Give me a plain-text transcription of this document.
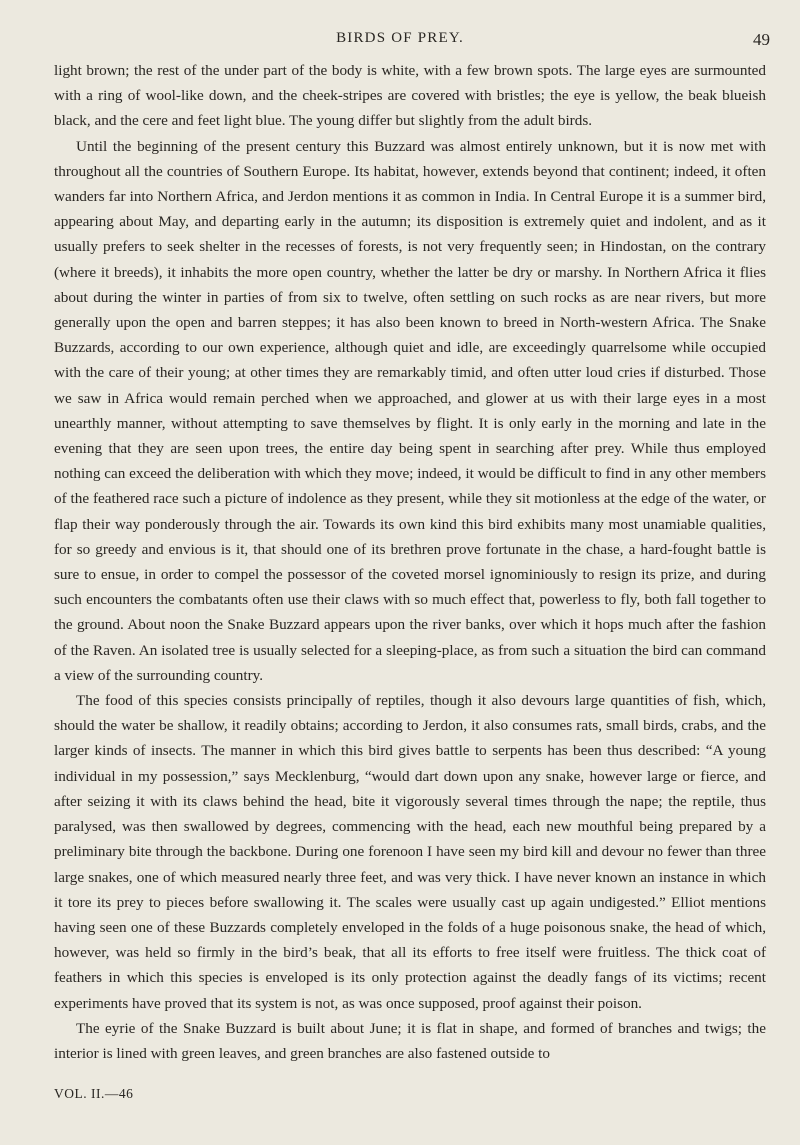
BIRDS OF PREY.	49

light brown; the rest of the under part of the body is white, with a few brown spots. The large eyes are surmounted with a ring of wool-like down, and the cheek-stripes are covered with bristles; the eye is yellow, the beak blueish black, and the cere and feet light blue. The young differ but slightly from the adult birds.

Until the beginning of the present century this Buzzard was almost entirely unknown, but it is now met with throughout all the countries of Southern Europe. Its habitat, however, extends beyond that continent; indeed, it often wanders far into Northern Africa, and Jerdon mentions it as common in India. In Central Europe it is a summer bird, appearing about May, and departing early in the autumn; its disposition is extremely quiet and indolent, and as it usually prefers to seek shelter in the recesses of forests, is not very frequently seen; in Hindostan, on the contrary (where it breeds), it inhabits the more open country, whether the latter be dry or marshy. In Northern Africa it flies about during the winter in parties of from six to twelve, often settling on such rocks as are near rivers, but more generally upon the open and barren steppes; it has also been known to breed in North-western Africa. The Snake Buzzards, according to our own experience, although quiet and idle, are exceedingly quarrelsome while occupied with the care of their young; at other times they are remarkably timid, and often utter loud cries if disturbed. Those we saw in Africa would remain perched when we approached, and glower at us with their large eyes in a most unearthly manner, without attempting to save themselves by flight. It is only early in the morning and late in the evening that they are seen upon trees, the entire day being spent in searching after prey. While thus employed nothing can exceed the deliberation with which they move; indeed, it would be difficult to find in any other members of the feathered race such a picture of indolence as they present, while they sit motionless at the edge of the water, or flap their way ponderously through the air. Towards its own kind this bird exhibits many most unamiable qualities, for so greedy and envious is it, that should one of its brethren prove fortunate in the chase, a hard-fought battle is sure to ensue, in order to compel the possessor of the coveted morsel ignominiously to resign its prize, and during such encounters the combatants often use their claws with so much effect that, powerless to fly, both fall together to the ground. About noon the Snake Buzzard appears upon the river banks, over which it hops much after the fashion of the Raven. An isolated tree is usually selected for a sleeping-place, as from such a situation the bird can command a view of the surrounding country.

The food of this species consists principally of reptiles, though it also devours large quantities of fish, which, should the water be shallow, it readily obtains; according to Jerdon, it also consumes rats, small birds, crabs, and the larger kinds of insects. The manner in which this bird gives battle to serpents has been thus described: “A young individual in my possession,” says Mecklenburg, “would dart down upon any snake, however large or fierce, and after seizing it with its claws behind the head, bite it vigorously several times through the nape; the reptile, thus paralysed, was then swallowed by degrees, commencing with the head, each new mouthful being prepared by a preliminary bite through the backbone. During one forenoon I have seen my bird kill and devour no fewer than three large snakes, one of which measured nearly three feet, and was very thick. I have never known an instance in which it tore its prey to pieces before swallowing it. The scales were usually cast up again undigested.” Elliot mentions having seen one of these Buzzards completely enveloped in the folds of a huge poisonous snake, the head of which, however, was held so firmly in the bird’s beak, that all its efforts to free itself were fruitless. The thick coat of feathers in which this species is enveloped is its only protection against the deadly fangs of its victims; recent experiments have proved that its system is not, as was once supposed, proof against their poison.

The eyrie of the Snake Buzzard is built about June; it is flat in shape, and formed of branches and twigs; the interior is lined with green leaves, and green branches are also fastened outside to

VOL. II.—46
